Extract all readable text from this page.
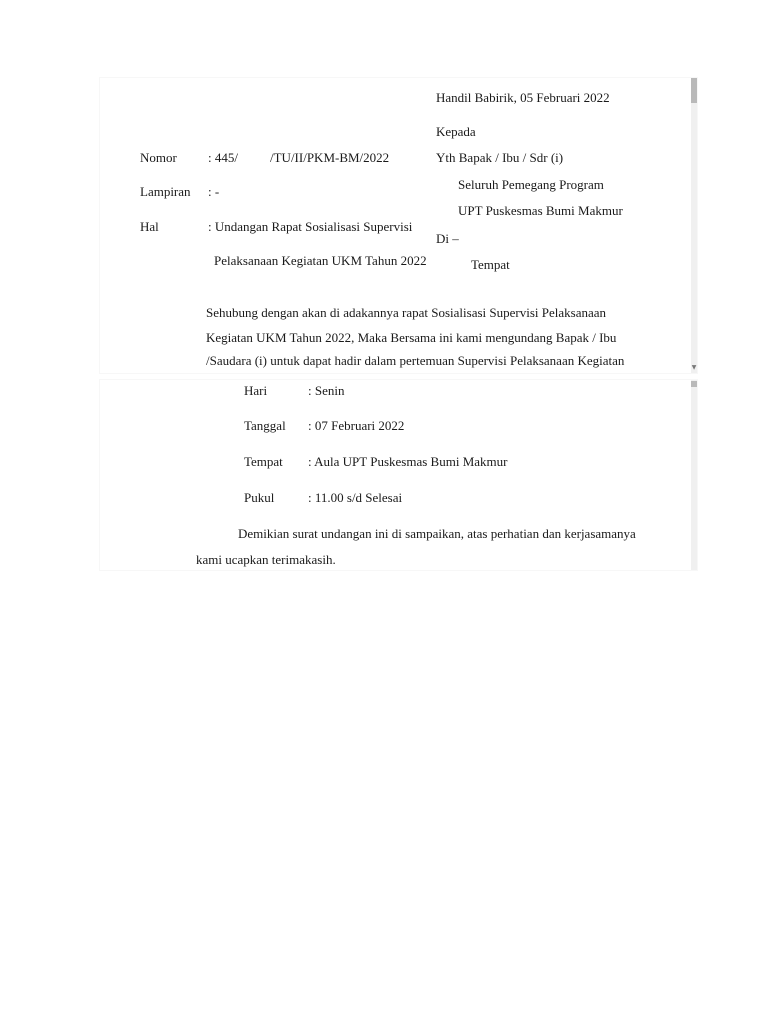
Handil Babirik, 05 Februari 2022
Kepada
Nomor : 445/ /TU/II/PKM-BM/2022	Yth Bapak / Ibu / Sdr (i)
Seluruh Pemegang Program
Lampiran : -
UPT Puskesmas Bumi Makmur
Hal	: Undangan Rapat Sosialisasi Supervisi
Di –
Pelaksanaan Kegiatan UKM Tahun 2022	Tempat
Sehubung dengan akan di adakannya rapat Sosialisasi Supervisi Pelaksanaan
Kegiatan UKM Tahun 2022, Maka Bersama ini kami mengundang Bapak / Ibu
/Saudara (i) untuk dapat hadir dalam pertemuan Supervisi Pelaksanaan Kegiatan	▼
Hari	: Senin
Tanggal : 07 Februari 2022
Tempat : Aula UPT Puskesmas Bumi Makmur
Pukul	: 11.00 s/d Selesai
Demikian surat undangan ini di sampaikan, atas perhatian dan kerjasamanya
kami ucapkan terimakasih.
